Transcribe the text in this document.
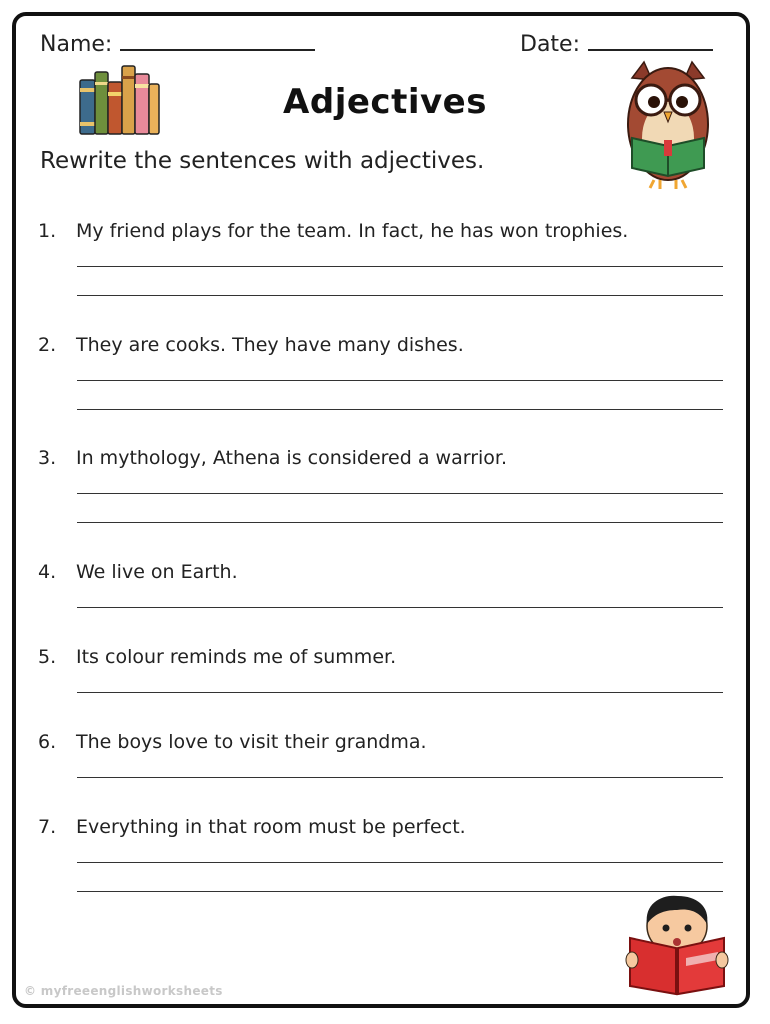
Name:	Date:
Adjectives
Rewrite the sentences with adjectives.
1. My friend plays for the team. In fact, he has won trophies.
2. They are cooks. They have many dishes.
3. In mythology, Athena is considered a warrior.
4. We live on Earth.
5. Its colour reminds me of summer.
6. The boys love to visit their grandma.
7. Everything in that room must be perfect.
© myfreeenglishworksheets
